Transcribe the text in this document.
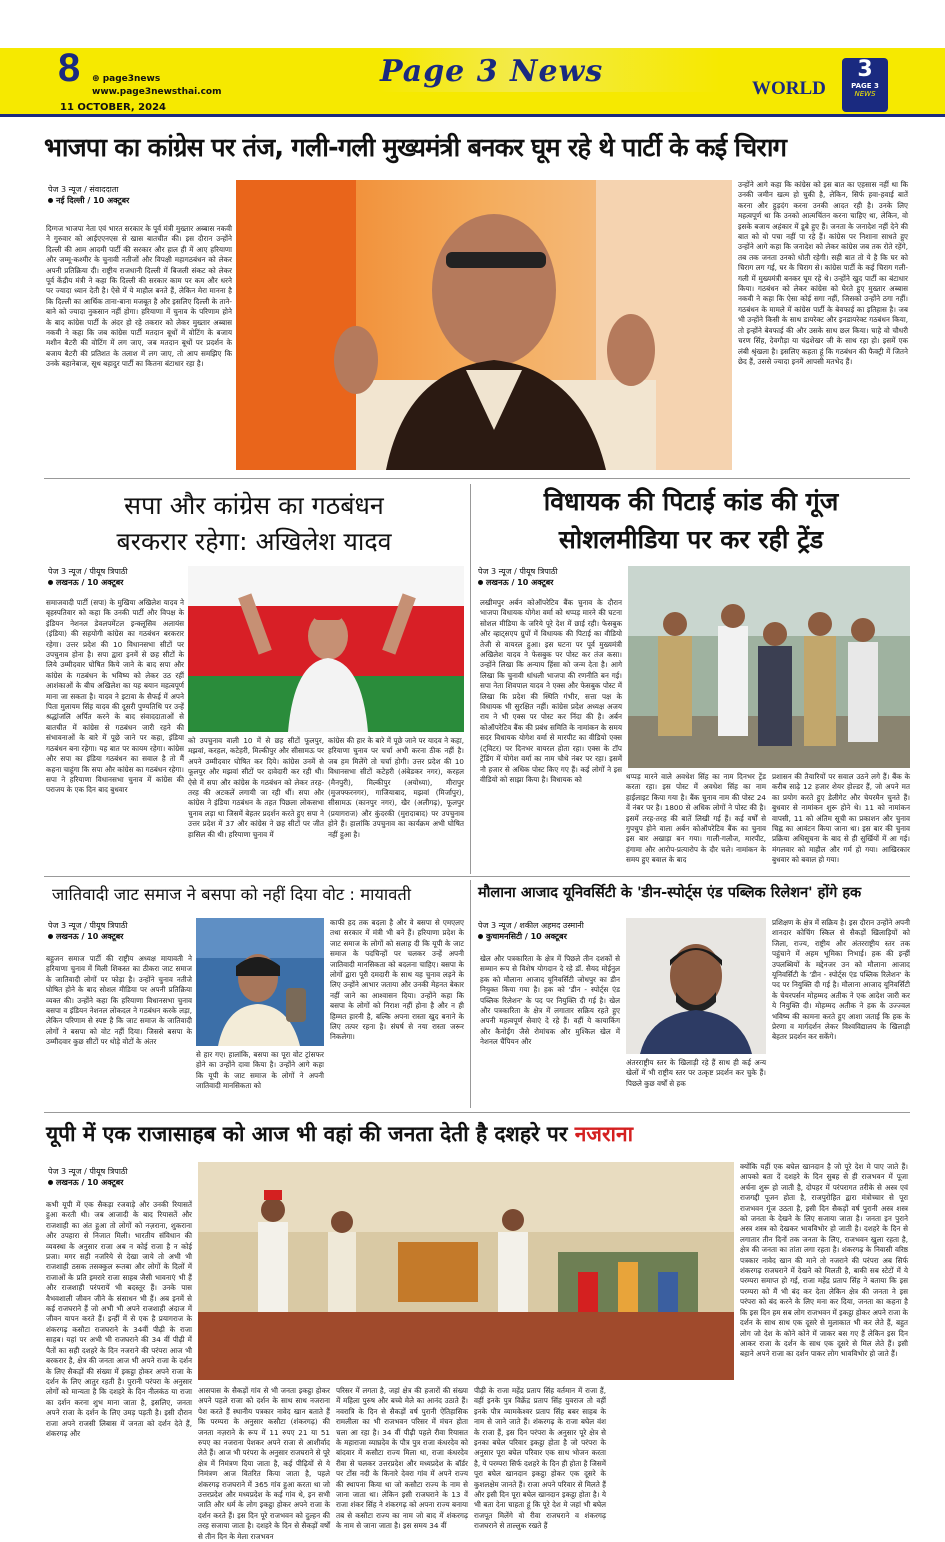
8 ⊕ page3news
www.page3newsthai.com
11 OCTOBER, 2024
Page 3 News	WORLD
3
PAGE 3
NEWS
भाजपा का कांग्रेस पर तंज, गली-गली मुख्यमंत्री बनकर घूम रहे थे पार्टी के कई चिराग
पेज 3 न्यूज / संवाददाता
नई दिल्ली / 10 अक्टूबर
दिग्गज भाजपा नेता एवं भारत सरकार के पूर्व मंत्री मुख्तार अब्बास नकवी ने गुरुवार को आईएएनएस से खास बातचीत की। इस दौरान उन्होंने दिल्ली की आम आदमी पार्टी की सरकार और हाल ही में आए हरियाणा और जम्मू-कश्मीर के चुनावी नतीजों और विपक्षी महागठबंधन को लेकर अपनी प्रतिक्रिया दी। राष्ट्रीय राजधानी दिल्ली में बिजली संकट को लेकर पूर्व केंद्रीय मंत्री ने कहा कि दिल्ली की सरकार काम पर कम और धरने पर ज्यादा ध्यान देती है। ऐसे में ये माहौल बनते हैं, लेकिन मेरा मानना है कि दिल्ली का आर्थिक ताना-बाना मजबूत है और इसलिए दिल्ली के ताने-बाने को ज्यादा नुकसान नहीं होगा। हरियाणा में चुनाव के परिणाम होने के बाद कांग्रेस पार्टी के अंदर हो रहे तकरार को लेकर मुख्तार अब्बास नकवी ने कहा कि जब कांग्रेस पार्टी मतदान बूथों में वोटिंग के बजाय मशीन बैटरी की वोटिंग में लग जाए, जब मतदान बूथों पर प्रदर्शन के बजाय बैटरी की प्रतिशत के तलाश में लग जाए, तो आप समझिए कि उनके बहानेबाज, सूथ बहादुर पार्टी का कितना बंटाधार रहा है।
उन्होंने आगे कहा कि कांग्रेस को इस बात का एहसास नहीं था कि उनकी जमीन खत्म हो चुकी है, लेकिन, सिर्फ हवा-हवाई बातें करना और हुड़दंग करना उनकी आदत रही है। उनके लिए महत्वपूर्ण था कि उनको आत्मचिंतन करना चाहिए था, लेकिन, वो इसके बजाय अहंकार में डूबे हुए हैं। जनता के जनादेश नहीं देने की बात को वो पचा नहीं पा रहे हैं। कांग्रेस पर निशाना साधते हुए उन्होंने आगे कहा कि जनादेश को लेकर कांग्रेस जब तक रोते रहेंगे, तब तक जनता उनको धोती रहेगी। सही बात तो ये है कि घर को चिराग लग गई, घर के चिराग से। कांग्रेस पार्टी के कई चिराग गली-गली में मुख्यमंत्री बनकर घूम रहे थे। उन्होंने खुद पार्टी का बंटाधार किया। गठबंधन को लेकर कांग्रेस को घेरते हुए मुख्तार अब्बास नकवी ने कहा कि ऐसा कोई सगा नहीं, जिसको उन्होंने ठगा नहीं। गठबंधन के मामले में कांग्रेस पार्टी के बेवफाई का इतिहास है। जब भी उन्होंने किसी के साथ डायरेक्ट और इनडायरेक्ट गठबंधन किया, तो इन्होंने बेवफाई की और उसके साथ छल किया। चाहे वो चौधरी चरण सिंह, देवगौड़ा या चंद्रशेखर जी के साथ रहा हो। इसमें एक लंबी श्रृंखला है। इसलिए कहता हूं कि गठबंधन की फैक्ट्री में जितने छेद हैं, उससे ज्यादा इनमें आपसी मतभेद हैं।
सपा और कांग्रेस का गठबंधन
बरकरार रहेगा: अखिलेश यादव
पेज 3 न्यूज / पीयूष त्रिपाठी
लखनऊ / 10 अक्टूबर
समाजवादी पार्टी (सपा) के मुखिया अखिलेश यादव ने बृहस्पतिवार को कहा कि उनकी पार्टी और विपक्ष के इंडियन नेशनल डेवलपमेंटल इन्क्लूसिव अलायंस (इंडिया) की सहयोगी कांग्रेस का गठबंधन बरकरार रहेगा। उत्तर प्रदेश की 10 विधानसभा सीटों पर उपचुनाव होना है। सपा द्वारा इनमें से छह सीटों के लिये उम्मीदवार घोषित किये जाने के बाद सपा और कांग्रेस के गठबंधन के भविष्य को लेकर उठ रहीं आशंकाओं के बीच अखिलेश का यह बयान महत्वपूर्ण माना जा सकता है। यादव ने इटावा के सैफई में अपने पिता मुलायम सिंह यादव की दूसरी पुण्यतिथि पर उन्हें श्रद्धांजलि अर्पित करने के बाद संवाददाताओं से बातचीत में कांग्रेस से गठबंधन जारी रहने की संभावनाओं के बारे में पूछे जाने पर कहा, इंडिया गठबंधन बना रहेगा। यह बात पर कायम रहेगा। कांग्रेस और सपा का इंडिया गठबंधन का सवाल है तो मैं कहना चाहूंगा कि सपा और कांग्रेस का गठबंधन रहेगा। सपा ने हरियाणा विधानसभा चुनाव में कांग्रेस की पराजय के एक दिन बाद बुधवार
को उपचुनाव वाली 10 में से छह सीटों फूलपुर, मझवां, करहल, कटेहरी, मिल्कीपुर और सीसामऊ पर अपने उम्मीदवार घोषित कर दिये। कांग्रेस उनमें से फूलपुर और मझवां सीटों पर दावेदारी कर रही थी। ऐसे में सपा और कांग्रेस के गठबंधन को लेकर तरह-तरह की अटकलें लगायी जा रही थीं। सपा और कांग्रेस ने इंडिया गठबंधन के तहत पिछला लोकसभा चुनाव लड़ा था जिसमें बेहतर प्रदर्शन करते हुए सपा ने उत्तर प्रदेश में 37 और कांग्रेस ने छह सीटों पर जीत हासिल की थी। हरियाणा चुनाव में
कांग्रेस की हार के बारे में पूछे जाने पर यादव ने कहा, हरियाणा चुनाव पर चर्चा अभी करना ठीक नहीं है। जब हम मिलेंगे तो चर्चा होगी। उत्तर प्रदेश की 10 विधानसभा सीटों कटेहरी (अंबेडकर नगर), करहल (मैनपुरी), मिल्कीपुर (अयोध्या), मीरापुर (मुजफ्फरनगर), गाजियाबाद, मझवां (मिर्जापुर), सीसामऊ (कानपुर नगर), खैर (अलीगढ़), फूलपुर (प्रयागराज) और कुंदरकी (मुरादाबाद) पर उपचुनाव होने हैं। हालांकि उपचुनाव का कार्यक्रम अभी घोषित नहीं हुआ है।
विधायक की पिटाई कांड की गूंज
सोशलमीडिया पर कर रही ट्रेंड
पेज 3 न्यूज / पीयूष त्रिपाठी
लखनऊ / 10 अक्टूबर
लखीमपुर अर्बन कोऑपरेटिव बैंक चुनाव के दौरान भाजपा विधायक योगेश वर्मा को थप्पड़ मारने की घटना सोशल मीडिया के जरिये पूरे देश में छाई रही। फेसबुक और व्हाट्सएप ग्रुपों में विधायक की पिटाई का वीडियो तेजी से वायरल हुआ। इस घटना पर पूर्व मुख्यमंत्री अखिलेश यादव ने फेसबुक पर पोस्ट कर तंज कसा। उन्होंने लिखा कि अन्याय हिंसा को जन्म देता है। आगे लिखा कि चुनावी धांधली भाजपा की रणनीति बन गई। सपा नेता शिवपाल यादव ने एक्स और फेसबुक पोस्ट में लिखा कि प्रदेश की स्थिति गंभीर, सत्ता पक्ष के विधायक भी सुरक्षित नहीं। कांग्रेस प्रदेश अध्यक्ष अजय राय ने भी एक्स पर पोस्ट कर निंदा की है। अर्बन कोऑपरेटिव बैंक की प्रबंध समिति के नामांकन के समय सदर विधायक योगेश वर्मा से मारपीट का वीडियो एक्स (ट्विटर) पर दिनभर वायरल होता रहा। एक्स के टॉप ट्रेंडिंग में योगेश वर्मा का नाम चौथे नंबर पर रहा। इसमें नौ हजार से अधिक पोस्ट किए गए हैं। कई लोगों ने इस वीडियो को साझा किया है। विधायक को	थप्पड़ मारने वाले अवधेश सिंह का नाम दिनभर ट्रेंड करता रहा। इस पोस्ट में अवधेश सिंह का नाम हाईलाइट किया गया है। बैंक चुनाव नाम की पोस्ट 24 वें नंबर पर है। 1800 से अधिक लोगों ने पोस्ट की है। इसमें तरह-तरह की बातें लिखी गई हैं। कई वर्षों से गुपचुप होने वाला अर्बन कोऑपरेटिव बैंक का चुनाव इस बार अखाड़ा बन गया। गाली-गलौज, मारपीट, हंगामा और आरोप-प्रत्यारोप के दौर चले। नामांकन के समय हुए बवाल के बाद
प्रशासन की तैयारियों पर सवाल उठने लगे हैं। बैंक के करीब साढ़े 12 हजार शेयर होल्डर हैं, जो अपने मत का प्रयोग करते हुए डेलीगेट और चेयरमैन चुनते हैं। बुधवार से नामांकन शुरू होने थे। 11 को नामांकन वापसी, 11 को अंतिम सूची का प्रकाशन और चुनाव चिह्न का आवंटन किया जाना था। इस बार की चुनाव प्रक्रिया अधिसूचना के बाद से ही सुर्खियों में आ गई। मंगलवार को माहौल और गर्म हो गया। आखिरकार बुधवार को बवाल हो गया।
जातिवादी जाट समाज ने बसपा को नहीं दिया वोट : मायावती
पेज 3 न्यूज / पीयूष त्रिपाठी
लखनऊ / 10 अक्टूबर
बहुजन समाज पार्टी की राष्ट्रीय अध्यक्ष मायावती ने हरियाणा चुनाव में मिली शिकस्त का ठीकरा जाट समाज के जातिवादी लोगों पर फोड़ा है। उन्होंने चुनाव नतीजे घोषित होने के बाद सोशल मीडिया पर अपनी प्रतिक्रिया व्यक्त की। उन्होंने कहा कि हरियाणा विधानसभा चुनाव बसपा व इंडियन नेशनल लोकदल ने गठबंधन करके लड़ा, लेकिन परिणाम से स्पष्ट है कि जाट समाज के जातिवादी लोगों ने बसपा को वोट नहीं दिया। जिससे बसपा के उम्मीदवार कुछ सीटों पर थोड़े वोटों के अंतर
से हार गए। हालांकि, बसपा का पूरा वोट ट्रांसफर होने का उन्होंने दावा किया है। उन्होंने आगे कहा कि यूपी के जाट समाज के लोगों ने अपनी जातिवादी मानसिकता को
काफी हद तक बदला है और वे बसपा से एमएलए तथा सरकार में मंत्री भी बने हैं। हरियाणा प्रदेश के जाट समाज के लोगों को सलाह दी कि यूपी के जाट समाज के पदचिन्हों पर चलकर उन्हें अपनी जातिवादी मानसिकता को बदलना चाहिए। बसपा के लोगों द्वारा पूरी दमदारी के साथ यह चुनाव लड़ने के लिए उन्होंने आभार जताया और उनकी मेहनत बेकार नहीं जाने का आश्वासन दिया। उन्होंने कहा कि बसपा के लोगों को निराश नहीं होना है और न ही हिम्मत हारनी है, बल्कि अपना रास्ता खुद बनाने के लिए तत्पर रहना है। संघर्ष से नया रास्ता जरूर निकलेगा।
मौलाना आजाद यूनिवर्सिटी के 'डीन-स्पोर्ट्स एंड पब्लिक रिलेशन' होंगे हक
पेज 3 न्यूज / शकील अहमद उस्मानी
कुचामनसिटी / 10 अक्टूबर
खेल और पत्रकारिता के क्षेत्र में पिछले तीन दशकों से सम्मान रूप से विशेष योगदान दे रहे डॉ. सैयद मोईनुल हक को मौलाना आजाद यूनिवर्सिटी जोधपुर का डीन नियुक्त किया गया है। हक को 'डीन - स्पोर्ट्स एंड पब्लिक रिलेशन' के पद पर नियुक्ति दी गई है। खेल और पत्रकारिता के क्षेत्र में लगातार सक्रिय रहते हुए अपनी महत्वपूर्ण सेवाएं दे रहे हैं। वहीं ये कायाकिंग और कैनोईंग जैसे रोमांचक और मुश्किल खेल में नेशनल चैंपियन और
अंतरराष्ट्रीय स्तर के खिलाड़ी रहे हैं साथ ही कई अन्य खेलों में भी राष्ट्रीय स्तर पर उत्कृष्ट प्रदर्शन कर चुके हैं। पिछले कुछ वर्षों से हक
प्रशिक्षण के क्षेत्र में सक्रिय है। इस दौरान उन्होंने अपनी शानदार कोचिंग स्किल से सैकड़ों खिलाड़ियों को जिला, राज्य, राष्ट्रीय और अंतरराष्ट्रीय स्तर तक पहुंचाने में अहम भूमिका निभाई। हक की इन्हीं उपलब्धियों के मद्देनजर उन को मौलाना आजाद यूनिवर्सिटी के 'डीन - स्पोर्ट्स एंड पब्लिक रिलेशन' के पद पर नियुक्ति दी गई है। मौलाना आजाद यूनिवर्सिटी के चेयरपर्सन मोहम्मद अतीक ने एक आदेश जारी कर ये नियुक्ति दी। मोहम्मद अतीक ने हक के उज्ज्वल भविष्य की कामना करते हुए आशा जताई कि हक के प्रेरणा व मार्गदर्शन लेकर विश्वविद्यालय के खिलाड़ी बेहतर प्रदर्शन कर सकेंगे।
यूपी में एक राजासाहब को आज भी वहां की जनता देती है दशहरे पर नजराना
पेज 3 न्यूज / पीयूष त्रिपाठी
लखनऊ / 10 अक्टूबर
कभी यूपी में एक सैकड़ा रजवाड़े और उनकी रियासतें हुआ करती थी। जब आजादी के बाद रियासतें और राजशाही का अंत हुआ तो लोगों को नज़राना, शुकराना और उपहारा से निजात मिली। भारतीय संविधान की व्यवस्था के अनुसार राजा अब न कोई राजा है न कोई प्रजा। मगर सही नजरिये से देखा जाये तो अभी भी राजशाही ठसक तसक्कुल रूतबा और लोगों के दिलों में राजाओं के प्रति इमरारे राजा साहब जैसी भावनाएं भी हैं और राजशाही परंपरायें भी बदस्तूर हैं। उनके पास वैभवशाली जीवन जीने के संसाधन भी हैं। अब इनमें से कई राजघराने हैं जो अभी भी अपने राजशाही अंदाज में जीवन यापन करते हैं। इन्हीं में से एक है प्रयागराज के शंकरगढ़ कसौटा राजघराने के 34वीं पीढ़ी के राजा साहब। यहां पर अभी भी राजघराने की 34 वीं पीढ़ी में पैतों का सही दशहरे के दिन नजराने की परंपरा आज भी बरकरार है, क्षेत्र की जनता आज भी अपने राजा के दर्शन के लिए सैकड़ों की संख्या में इकट्ठा होकर अपने राजा के दर्शन के लिए आतुर रहती है। पुरानी परंपरा के अनुसार लोगों को मान्यता है कि दशहरे के दिन नीलकंठ या राजा का दर्शन करना शुभ माना जाता है, इसलिए, जनता अपने राजा के दर्शन के लिए उमड़ पड़ती है। इसी दौरान राजा अपने राजसी लिबास में जनता को दर्शन देते हैं, शंकरगढ़ और
आसपास के सैकड़ों गांव से भी जनता इकट्ठा होकर अपने पहले राजा को दर्शन के साथ साथ नजराना पेश करते हैं स्थानीय पत्रकार नावेद खान बताते हैं कि परम्परा के अनुसार कसौटा (शंकरगढ़) की जनता नज़राने के रूप में 11 रुपए 21 या 51 रुपए का नजराना पेशकर अपने राजा से आशीर्वाद लेते हैं। आज भी परंपरा के अनुसार राजघराने से पूरे क्षेत्र में निमंत्रण दिया जाता है, कई पीढ़ियों से ये निमंत्रण आज वितरित किया जाता है, पहले शंकरगढ़ राजघराने में 365 गांव हुआ करता था जो उत्तरप्रदेश और मध्यप्रदेश के कई गांव थे, इन सभी जाति और धर्म के लोग इकट्ठा होकर अपने राजा के दर्शन करते हैं। इस दिन पूरे राजभवन को दुल्हन की तरह सजाया जाता है। दशहरे के दिन से सैकड़ों वर्षों से तीन दिन के मेला राजभवन
परिसर में लगता है, जहां क्षेत्र की हजारों की संख्या में महिला पुरुष और बच्चे मेले का आनंद उठाते हैं। नवरात्रि के दिन से सैकड़ों वर्ष पुरानी ऐतिहासिक रामलीला का भी राजभवन परिसर में मंचन होता चला आ रहा है। 34 वीं पीढ़ी पहले रीवा रियासत के महाराजा व्याघ्रदेव के पौत्र पुत्र राजा कंधरदेव को बांदवार में कसौटा राज्य मिला था, राजा कंधरदेव रीवा से चलकर उत्तरप्रदेश और मध्यप्रदेश के बॉर्डर पर टोंस नदी के किनारे देवरा गांव में अपने राज्य की स्थापना किया था जो कसौटा राज्य के नाम से जाना जाता था। लेकिन इसी राजघराने के 13 वें राजा शंकर सिंह ने शंकरगढ़ को अपना राज्य बनाया तब से कसौटा राज्य का नाम जो बाद में शंकरगढ़ के नाम से जाना जाता है। इस समय 34 वीं
पीढ़ी के राजा महेंद्र प्रताप सिंह वर्तमान में राजा हैं, वहीं इनके पुत्र विक्रेंद्र प्रताप सिंह युवराज तो वहीं इनके पौत्र व्यामकेश्वर प्रताप सिंह बबर साहब के नाम से जाने जाते हैं। शंकरगढ़ के राजा बघेल वंश के राजा हैं, इस दिन परंपरा के अनुसार पूरे क्षेत्र से इनका बघेल परिवार इकट्ठा होता है जो परंपरा के अनुसार पूरा बघेल परिवार एक साथ भोजन करता है, ये परम्परा सिर्फ दशहरे के दिन ही होता है जिसमें पूरा बघेल खानदान इकट्ठा होकर एक दूसरे के कुशलक्षेम जानते हैं। राजा अपने परिवार से मिलते हैं और इसी दिन पूरा बघेल खानदान इकट्ठा होता है। ये भी बता देना चाहता हूं कि पूरे देश मे जहां भी बघेल राजपूत मिलेंगे वो रीवा राजघराने व शंकरगढ़ राजघराने से ताल्लुक रखते हैं
क्योंकि यहीं एक बघेल खानदान है जो पूरे देश मे पाए जाते हैं। आपको बता दें दशहरे के दिन सुबह से ही राजभवन में पूजा अर्चना शुरू हो जाती है, दोपहर में परंपरागत तरीके से अस्त्र एवं राजगद्दी पूजन होता है, राजपुरोहित द्वारा मंत्रोच्चार से पूरा राजभवन गूंज उठता है, इसी दिन सैकड़ों वर्ष पुरानी अस्त्र शस्त्र को जनता के देखने के लिए सजाया जाता है। जनता इन पुराने अस्त्र शस्त्र को देखकर भावविभोर हो जाती है। दशहरे के दिन से लगातार तीन दिनों तक जनता के लिए, राजभवन खुला रहता है, क्षेत्र की जनता का तांता लगा रहता है। शंकरगढ़ के निवासी वरिष्ठ पत्रकार नावेद खान की माने तो नजराने की परंपरा अब सिर्फ शंकरगढ़ राजघराने में देखने को मिलती है, बाकी सब स्टेटों में ये परम्परा समाप्त हो गई, राजा महेंद्र प्रताप सिंह ने बताया कि इस परम्परा को मैं भी बंद कर देता लेकिन क्षेत्र की जनता ने इस परंपरा को बंद करने के लिए मना कर दिया, जनता का कहना है कि इस दिन हम सब लोग राजभवन में इकट्ठा होकर अपने राजा के दर्शन के साथ साथ एक दूसरे से मुलाकात भी कर लेते हैं, बहुत लोग जो देश के कोने कोने में जाकर बस गए हैं लेकिन इस दिन आकर राजा के दर्शन के साथ एक दूसरे से मिल लेते हैं। इसी बहाने अपने राजा का दर्शन पाकर लोग भावविभोर हो जाते हैं।
